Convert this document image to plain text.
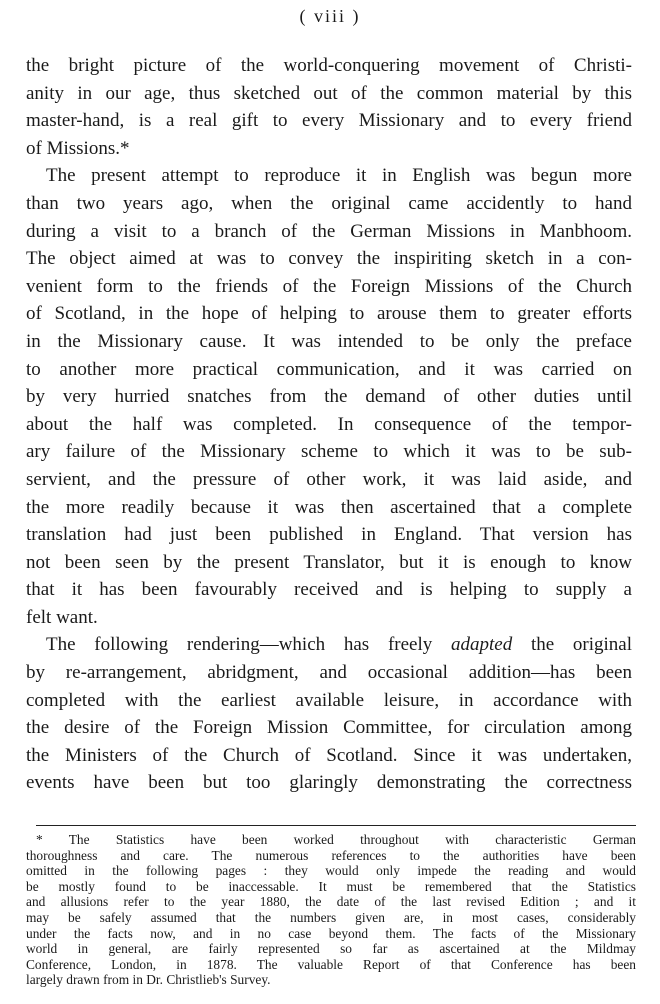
( viii )
the bright picture of the world-conquering movement of Christi-
anity in our age, thus sketched out of the common material by this
master-hand, is a real gift to every Missionary and to every friend
of Missions.*
The present attempt to reproduce it in English was begun more
than two years ago, when the original came accidently to hand
during a visit to a branch of the German Missions in Manbhoom.
The object aimed at was to convey the inspiriting sketch in a con-
venient form to the friends of the Foreign Missions of the Church
of Scotland, in the hope of helping to arouse them to greater efforts
in the Missionary cause. It was intended to be only the preface
to another more practical communication, and it was carried on
by very hurried snatches from the demand of other duties until
about the half was completed. In consequence of the tempor-
ary failure of the Missionary scheme to which it was to be sub-
servient, and the pressure of other work, it was laid aside, and
the more readily because it was then ascertained that a complete
translation had just been published in England. That version has
not been seen by the present Translator, but it is enough to know
that it has been favourably received and is helping to supply a
felt want.
The following rendering—which has freely adapted the original
by re-arrangement, abridgment, and occasional addition—has been
completed with the earliest available leisure, in accordance with
the desire of the Foreign Mission Committee, for circulation among
the Ministers of the Church of Scotland. Since it was undertaken,
events have been but too glaringly demonstrating the correctness
* The Statistics have been worked throughout with characteristic German
thoroughness and care. The numerous references to the authorities have been
omitted in the following pages : they would only impede the reading and would
be mostly found to be inaccessable. It must be remembered that the Statistics
and allusions refer to the year 1880, the date of the last revised Edition ; and it
may be safely assumed that the numbers given are, in most cases, considerably
under the facts now, and in no case beyond them. The facts of the Missionary
world in general, are fairly represented so far as ascertained at the Mildmay
Conference, London, in 1878. The valuable Report of that Conference has been
largely drawn from in Dr. Christlieb's Survey.
